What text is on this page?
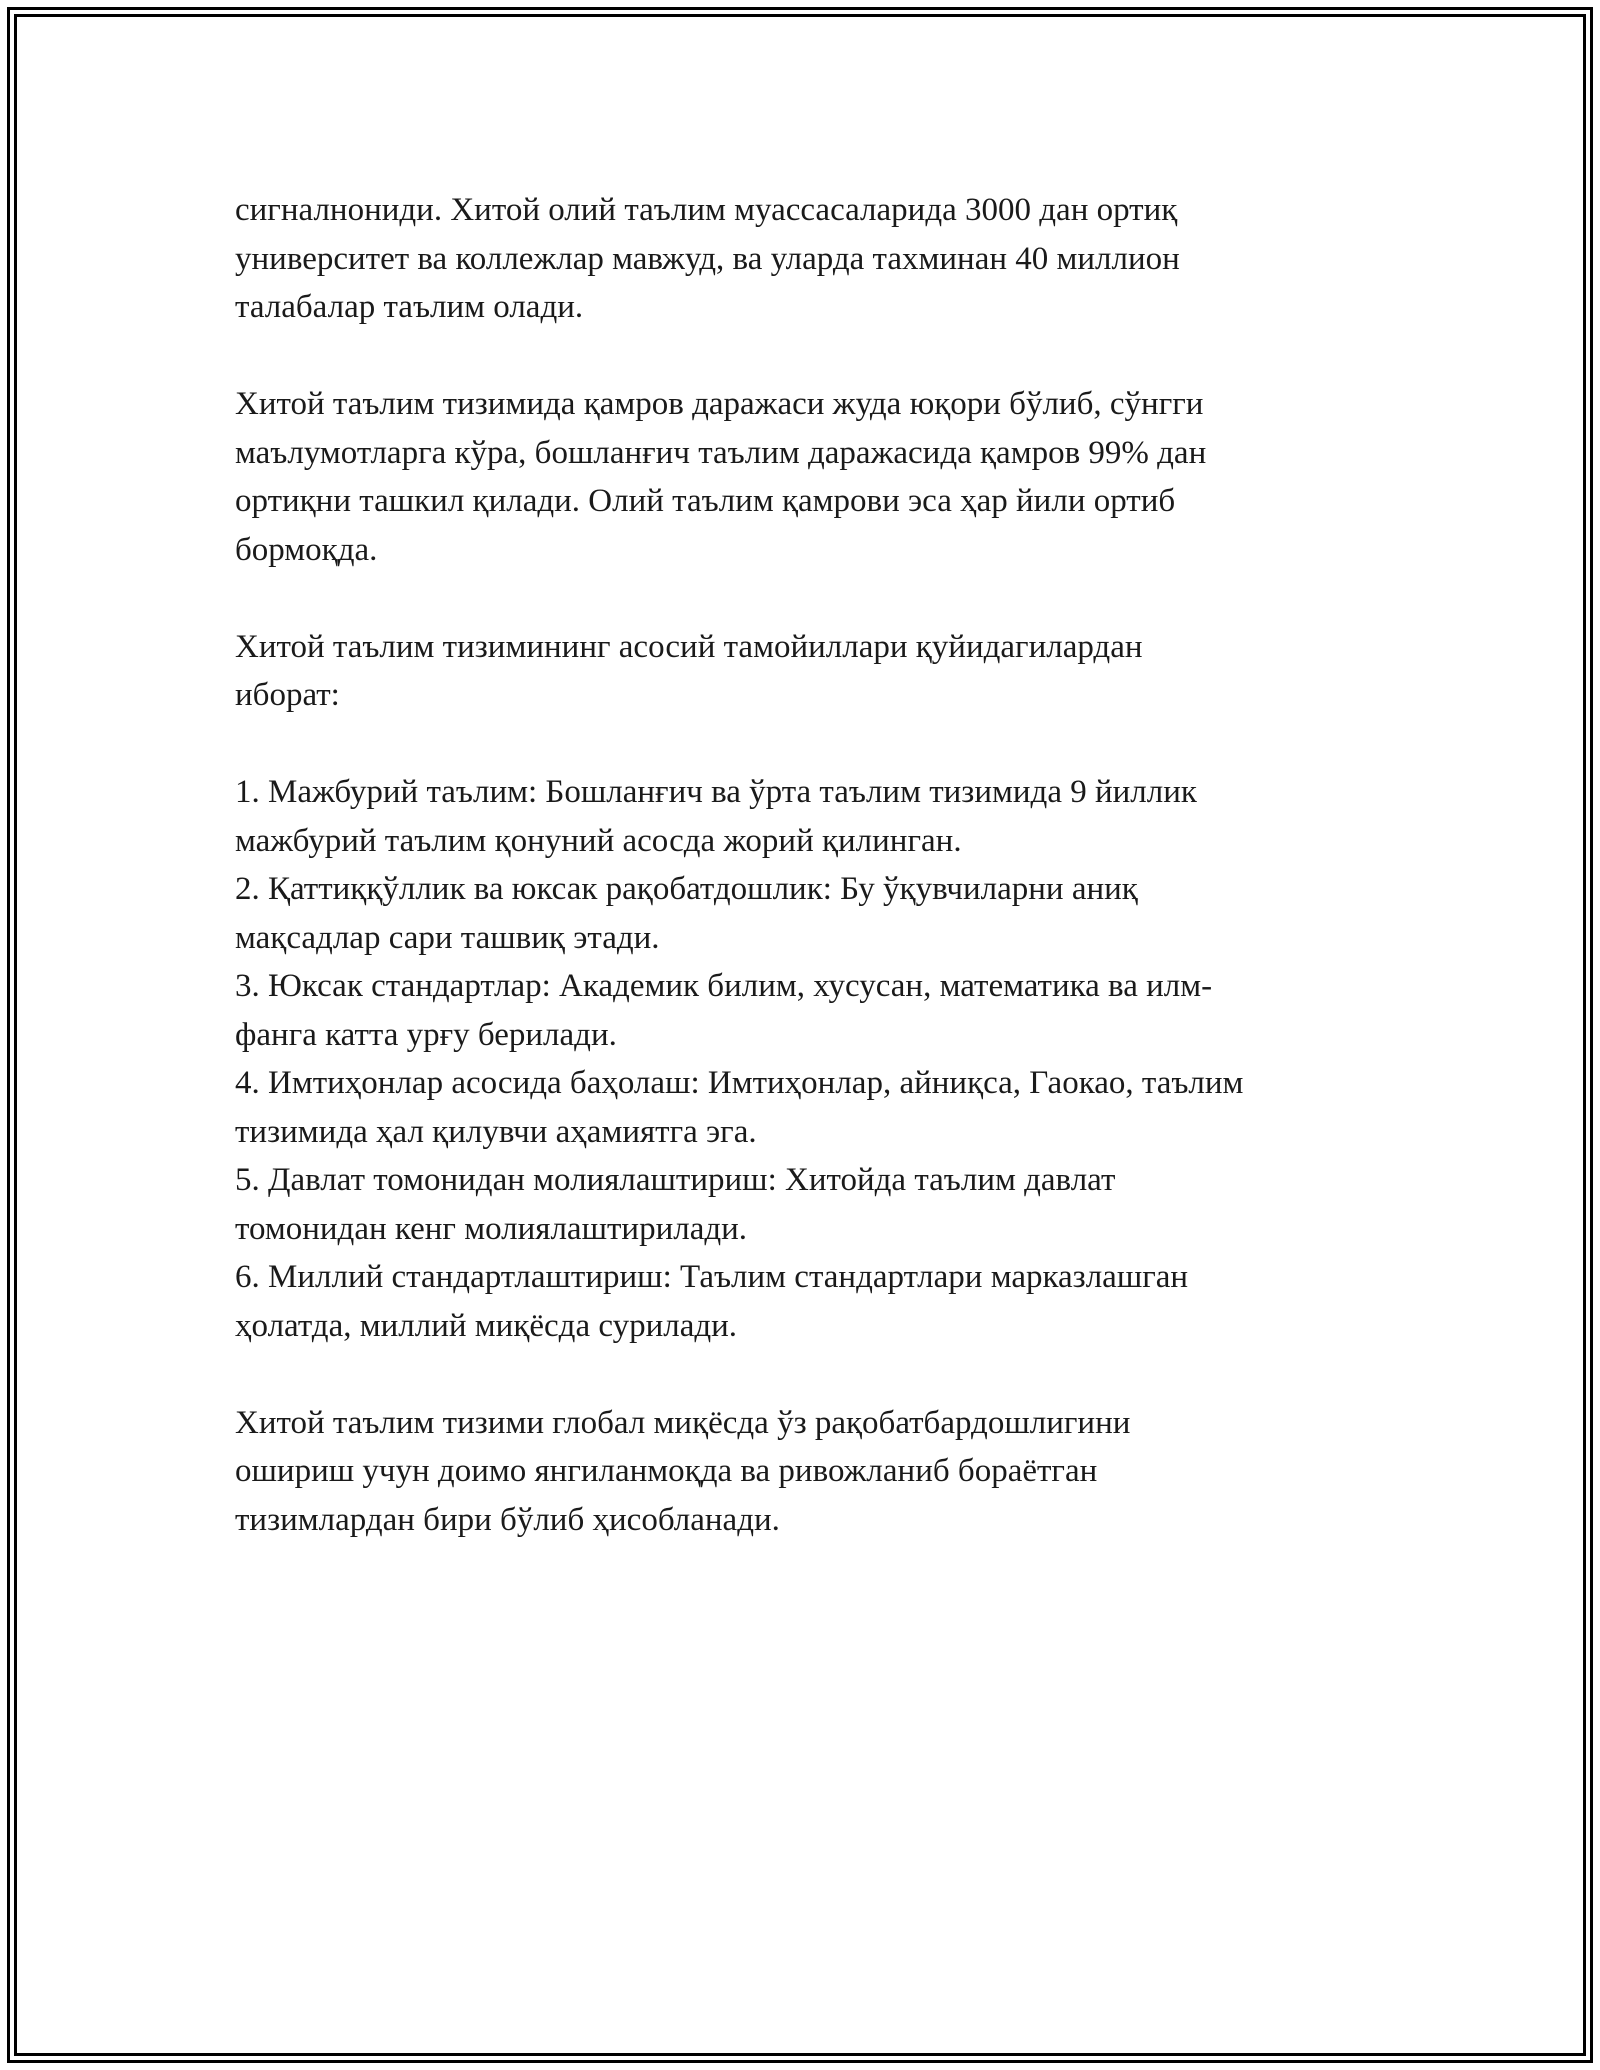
сигналнониди. Хитой олий таълим муассасаларида 3000 дан ортиқ
университет ва коллежлар мавжуд, ва уларда тахминан 40 миллион
талабалар таълим олади.

Хитой таълим тизимида қамров даражаси жуда юқори бўлиб, сўнгги
маълумотларга кўра, бошланғич таълим даражасида қамров 99% дан
ортиқни ташкил қилади. Олий таълим қамрови эса ҳар йили ортиб
бормоқда.

Хитой таълим тизимининг асосий тамойиллари қуйидагилардан
иборат:

1. Мажбурий таълим: Бошланғич ва ўрта таълим тизимида 9 йиллик
мажбурий таълим қонуний асосда жорий қилинган.

2. Қаттиққўллик ва юксак рақобатдошлик: Бу ўқувчиларни аниқ
мақсадлар сари ташвиқ этади.

3. Юксак стандартлар: Академик билим, хусусан, математика ва илм-
фанга катта урғу берилади.

4. Имтиҳонлар асосида баҳолаш: Имтиҳонлар, айниқса, Гаокао, таълим
тизимида ҳал қилувчи аҳамиятга эга.

5. Давлат томонидан молиялаштириш: Хитойда таълим давлат
томонидан кенг молиялаштирилади.

6. Миллий стандартлаштириш: Таълим стандартлари марказлашган
ҳолатда, миллий миқёсда сурилади.

Хитой таълим тизими глобал миқёсда ўз рақобатбардошлигини
ошириш учун доимо янгиланмоқда ва ривожланиб бораётган
тизимлардан бири бўлиб ҳисобланади.
